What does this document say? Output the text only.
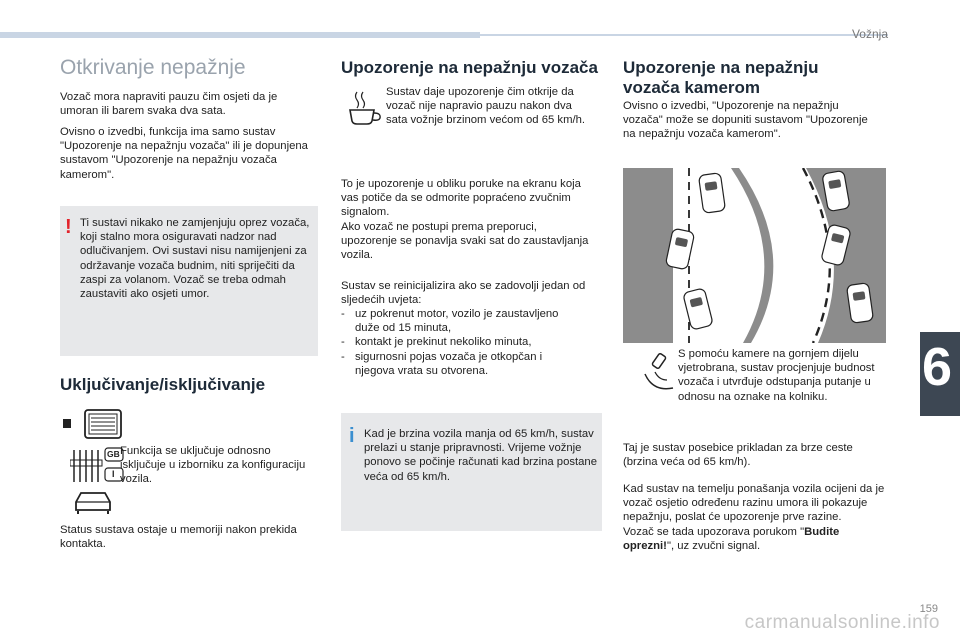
Vožnja
Otkrivanje nepažnje

Vozač mora napraviti pauzu čim osjeti da je umoran ili barem svaka dva sata.

Ovisno o izvedbi, funkcija ima samo sustav "Upozorenje na nepažnju vozača" ili je dopunjena sustavom "Upozorenje na nepažnju vozača kamerom".

! Ti sustavi nikako ne zamjenjuju oprez vozača, koji stalno mora osiguravati nadzor nad odlučivanjem. Ovi sustavi nisu namijenjeni za održavanje vozača budnim, niti spriječiti da zaspi za volanom. Vozač se treba odmah zaustaviti ako osjeti umor.

Uključivanje/isključivanje
GB
I

Funkcija se uključuje odnosno isključuje u izborniku za konfiguraciju vozila.

Status sustava ostaje u memoriji nakon prekida kontakta.

Upozorenje na nepažnju vozača

Sustav daje upozorenje čim otkrije da vozač nije napravio pauzu nakon dva sata vožnje brzinom većom od 65 km/h.

To je upozorenje u obliku poruke na ekranu koja vas potiče da se odmorite popraćeno zvučnim signalom.

Ako vozač ne postupi prema preporuci, upozorenje se ponavlja svaki sat do zaustavljanja vozila.

Sustav se reinicijalizira ako se zadovolji jedan od sljedećih uvjeta:

- uz pokrenut motor, vozilo je zaustavljeno duže od 15 minuta,
- kontakt je prekinut nekoliko minuta,
- sigurnosni pojas vozača je otkopčan i njegova vrata su otvorena.
i Kad je brzina vozila manja od 65 km/h, sustav prelazi u stanje pripravnosti. Vrijeme vožnje ponovo se počinje računati kad brzina postane veća od 65 km/h.

Upozorenje na nepažnju
vozača kamerom

Ovisno o izvedbi, "Upozorenje na nepažnju vozača" može se dopuniti sustavom "Upozorenje na nepažnju vozača kamerom".

S pomoću kamere na gornjem dijelu vjetrobrana, sustav procjenjuje budnost vozača i utvrđuje odstupanja putanje u odnosu na oznake na kolniku.

Taj je sustav posebice prikladan za brze ceste (brzina veća od 65 km/h).

Kad sustav na temelju ponašanja vozila ocijeni da je vozač osjetio određenu razinu umora ili pokazuje nepažnju, poslat će upozorenje prve razine.
Vozač se tada upozorava porukom "Budite oprezni!", uz zvučni signal.

6
159
carmanualsonline.info
